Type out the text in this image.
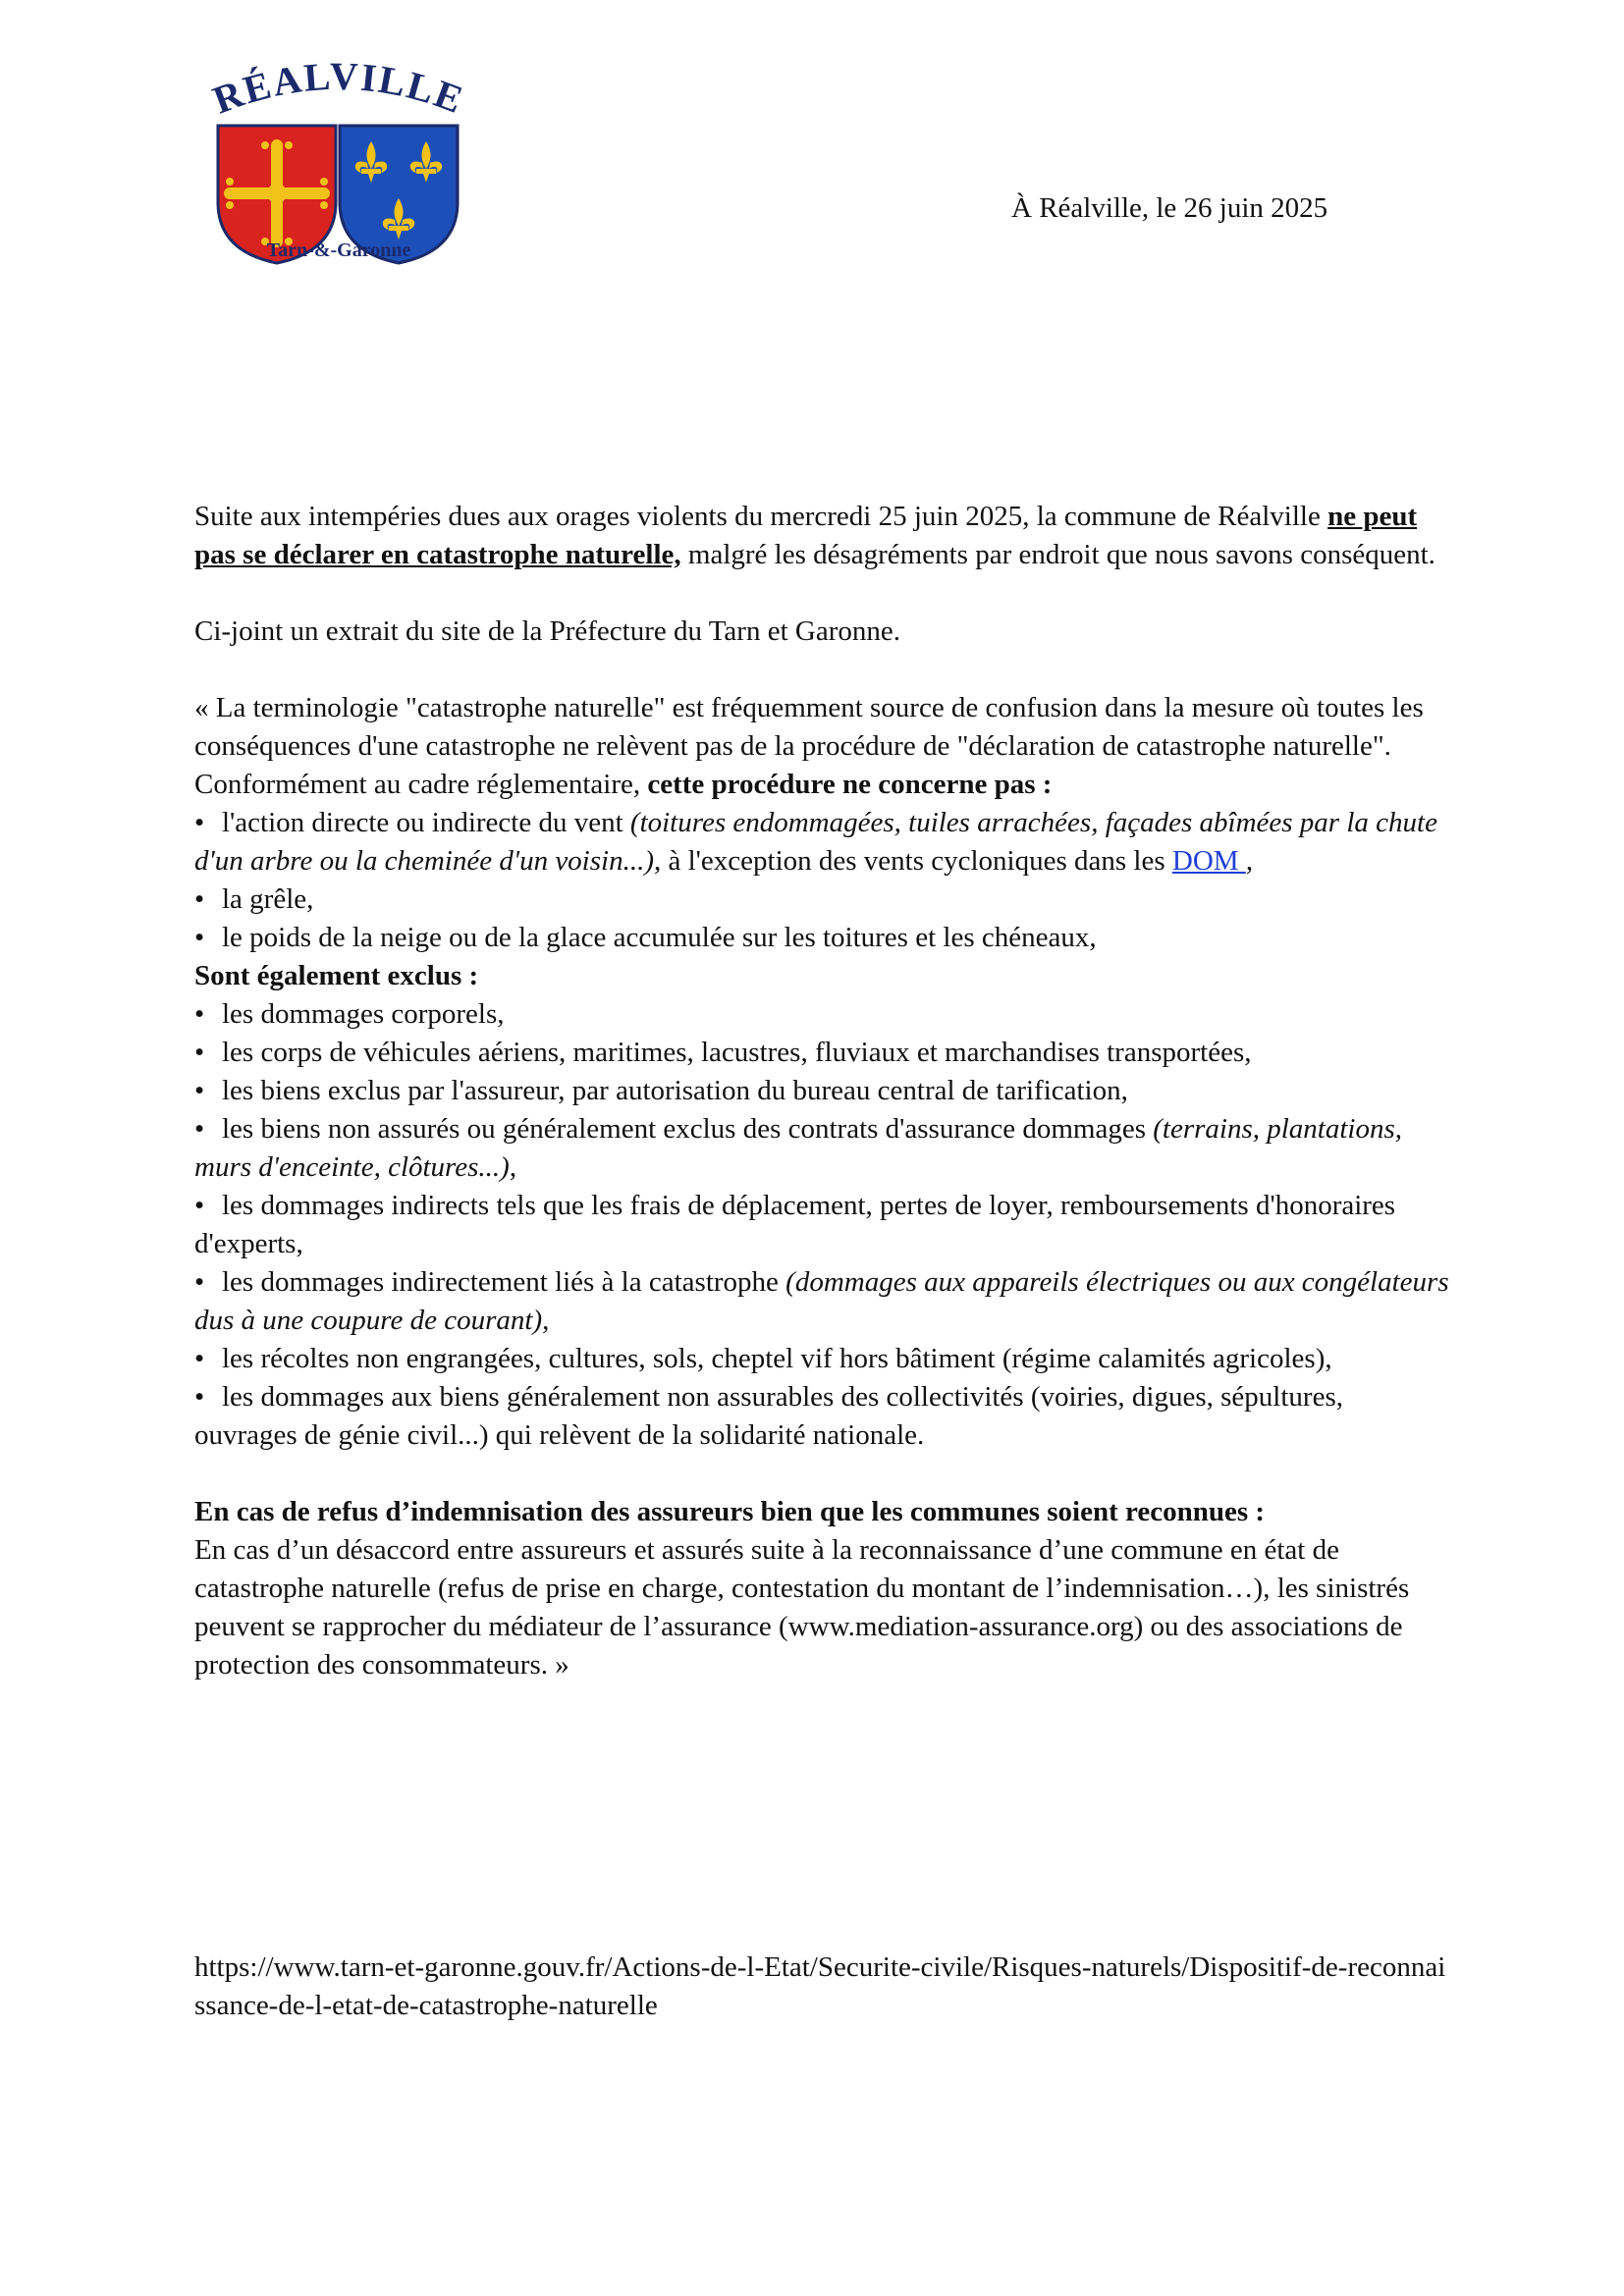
RÉALVILLE
Tarn-&-Garonne
À Réalville, le 26 juin 2025

Suite aux intempéries dues aux orages violents du mercredi 25 juin 2025, la commune de Réalville ne peut pas se déclarer en catastrophe naturelle, malgré les désagréments par endroit que nous savons conséquent.

Ci-joint un extrait du site de la Préfecture du Tarn et Garonne.

« La terminologie "catastrophe naturelle" est fréquemment source de confusion dans la mesure où toutes les conséquences d'une catastrophe ne relèvent pas de la procédure de "déclaration de catastrophe naturelle". Conformément au cadre réglementaire, cette procédure ne concerne pas :

• l'action directe ou indirecte du vent (toitures endommagées, tuiles arrachées, façades abîmées par la chute d'un arbre ou la cheminée d'un voisin...), à l'exception des vents cycloniques dans les DOM ,

• la grêle,

• le poids de la neige ou de la glace accumulée sur les toitures et les chéneaux,

Sont également exclus :

• les dommages corporels,

• les corps de véhicules aériens, maritimes, lacustres, fluviaux et marchandises transportées,

• les biens exclus par l'assureur, par autorisation du bureau central de tarification,

• les biens non assurés ou généralement exclus des contrats d'assurance dommages (terrains, plantations, murs d'enceinte, clôtures...),

• les dommages indirects tels que les frais de déplacement, pertes de loyer, remboursements d'honoraires d'experts,

• les dommages indirectement liés à la catastrophe (dommages aux appareils électriques ou aux congélateurs dus à une coupure de courant),

• les récoltes non engrangées, cultures, sols, cheptel vif hors bâtiment (régime calamités agricoles),

• les dommages aux biens généralement non assurables des collectivités (voiries, digues, sépultures, ouvrages de génie civil...) qui relèvent de la solidarité nationale.

En cas de refus d’indemnisation des assureurs bien que les communes soient reconnues :

En cas d’un désaccord entre assureurs et assurés suite à la reconnaissance d’une commune en état de catastrophe naturelle (refus de prise en charge, contestation du montant de l’indemnisation…), les sinistrés peuvent se rapprocher du médiateur de l’assurance (www.mediation-assurance.org) ou des associations de protection des consommateurs. »

https://www.tarn-et-garonne.gouv.fr/Actions-de-l-Etat/Securite-civile/Risques-naturels/Dispositif-de-reconnaissance-de-l-etat-de-catastrophe-naturelle
